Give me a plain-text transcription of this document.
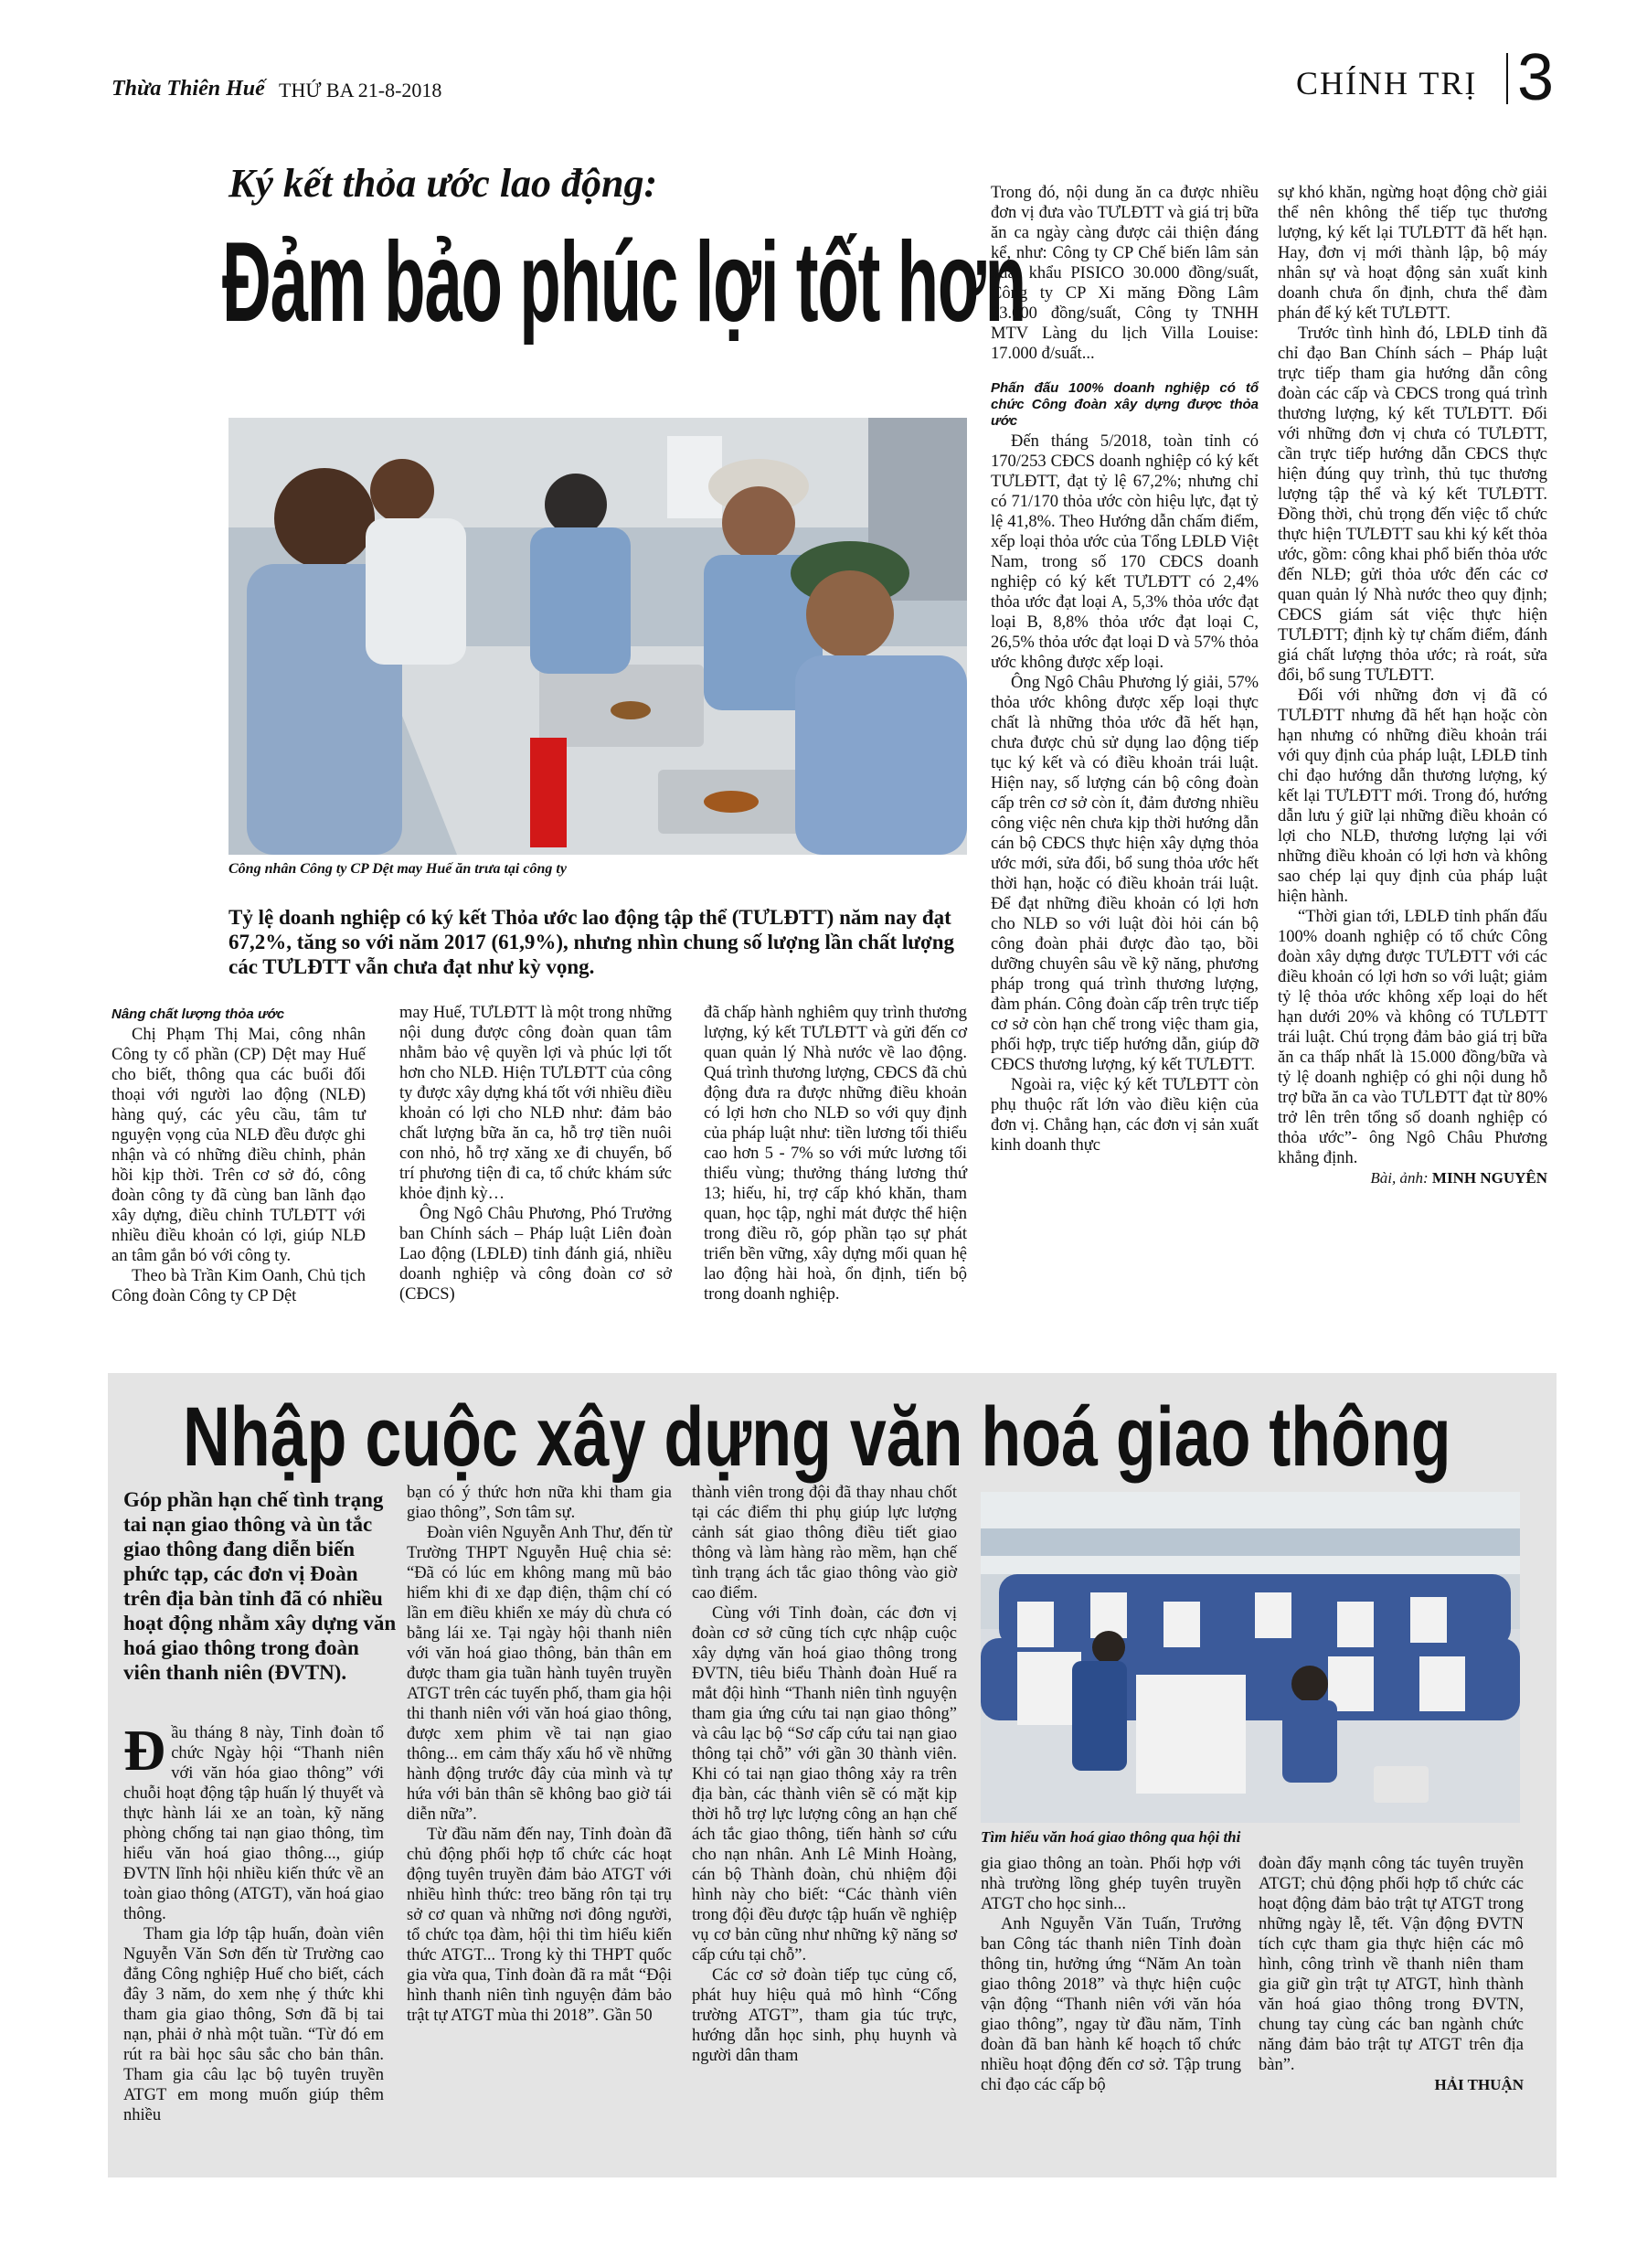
Thừa Thiên Huế THỨ BA 21-8-2018	CHÍNH TRỊ 3
Ký kết thỏa ước lao động:
Đảm bảo phúc lợi tốt hơn
Công nhân Công ty CP Dệt may Huế ăn trưa tại công ty
Tỷ lệ doanh nghiệp có ký kết Thỏa ước lao động tập thể (TƯLĐTT) năm nay đạt 67,2%, tăng so với năm 2017 (61,9%), nhưng nhìn chung số lượng lần chất lượng các TƯLĐTT vẫn chưa đạt như kỳ vọng.

Nâng chất lượng thỏa ước

Chị Phạm Thị Mai, công nhân Công ty cổ phần (CP) Dệt may Huế cho biết, thông qua các buổi đối thoại với người lao động (NLĐ) hàng quý, các yêu cầu, tâm tư nguyện vọng của NLĐ đều được ghi nhận và có những điều chỉnh, phản hồi kịp thời. Trên cơ sở đó, công đoàn công ty đã cùng ban lãnh đạo xây dựng, điều chỉnh TƯLĐTT với nhiều điều khoản có lợi, giúp NLĐ an tâm gắn bó với công ty.

Theo bà Trần Kim Oanh, Chủ tịch Công đoàn Công ty CP Dệt

may Huế, TƯLĐTT là một trong những nội dung được công đoàn quan tâm nhằm bảo vệ quyền lợi và phúc lợi tốt hơn cho NLĐ. Hiện TƯLĐTT của công ty được xây dựng khá tốt với nhiều điều khoản có lợi cho NLĐ như: đảm bảo chất lượng bữa ăn ca, hỗ trợ tiền nuôi con nhỏ, hỗ trợ xăng xe đi chuyển, bố trí phương tiện đi ca, tổ chức khám sức khỏe định kỳ…

Ông Ngô Châu Phương, Phó Trưởng ban Chính sách – Pháp luật Liên đoàn Lao động (LĐLĐ) tỉnh đánh giá, nhiều doanh nghiệp và công đoàn cơ sở (CĐCS)

đã chấp hành nghiêm quy trình thương lượng, ký kết TƯLĐTT và gửi đến cơ quan quản lý Nhà nước về lao động. Quá trình thương lượng, CĐCS đã chủ động đưa ra được những điều khoản có lợi hơn cho NLĐ so với quy định của pháp luật như: tiền lương tối thiểu cao hơn 5 - 7% so với mức lương tối thiểu vùng; thưởng tháng lương thứ 13; hiếu, hỉ, trợ cấp khó khăn, tham quan, học tập, nghỉ mát được thể hiện trong điều rõ, góp phần tạo sự phát triển bền vững, xây dựng mối quan hệ lao động hài hoà, ổn định, tiến bộ trong doanh nghiệp.

Trong đó, nội dung ăn ca được nhiều đơn vị đưa vào TƯLĐTT và giá trị bữa ăn ca ngày càng được cải thiện đáng kể, như: Công ty CP Chế biến lâm sản xuất khẩu PISICO 30.000 đồng/suất, Công ty CP Xi măng Đồng Lâm 23.000 đồng/suất, Công ty TNHH MTV Làng du lịch Villa Louise: 17.000 đ/suất...

Phấn đấu 100% doanh nghiệp có tổ chức Công đoàn xây dựng được thỏa ước

Đến tháng 5/2018, toàn tỉnh có 170/253 CĐCS doanh nghiệp có ký kết TƯLĐTT, đạt tỷ lệ 67,2%; nhưng chỉ có 71/170 thỏa ước còn hiệu lực, đạt tỷ lệ 41,8%. Theo Hướng dẫn chấm điểm, xếp loại thỏa ước của Tổng LĐLĐ Việt Nam, trong số 170 CĐCS doanh nghiệp có ký kết TƯLĐTT có 2,4% thỏa ước đạt loại A, 5,3% thỏa ước đạt loại B, 8,8% thỏa ước đạt loại C, 26,5% thỏa ước đạt loại D và 57% thỏa ước không được xếp loại.

Ông Ngô Châu Phương lý giải, 57% thỏa ước không được xếp loại thực chất là những thỏa ước đã hết hạn, chưa được chủ sử dụng lao động tiếp tục ký kết và có điều khoản trái luật. Hiện nay, số lượng cán bộ công đoàn cấp trên cơ sở còn ít, đảm đương nhiều công việc nên chưa kịp thời hướng dẫn cán bộ CĐCS thực hiện xây dựng thỏa ước mới, sửa đổi, bổ sung thỏa ước hết thời hạn, hoặc có điều khoản trái luật. Để đạt những điều khoản có lợi hơn cho NLĐ so với luật đòi hỏi cán bộ công đoàn phải được đào tạo, bồi dưỡng chuyên sâu về kỹ năng, phương pháp trong quá trình thương lượng, đàm phán. Công đoàn cấp trên trực tiếp cơ sở còn hạn chế trong việc tham gia, phối hợp, trực tiếp hướng dẫn, giúp đỡ CĐCS thương lượng, ký kết TƯLĐTT.

Ngoài ra, việc ký kết TƯLĐTT còn phụ thuộc rất lớn vào điều kiện của đơn vị. Chẳng hạn, các đơn vị sản xuất kinh doanh thực

sự khó khăn, ngừng hoạt động chờ giải thể nên không thể tiếp tục thương lượng, ký kết lại TƯLĐTT đã hết hạn. Hay, đơn vị mới thành lập, bộ máy nhân sự và hoạt động sản xuất kinh doanh chưa ổn định, chưa thể đàm phán để ký kết TƯLĐTT.

Trước tình hình đó, LĐLĐ tỉnh đã chỉ đạo Ban Chính sách – Pháp luật trực tiếp tham gia hướng dẫn công đoàn các cấp và CĐCS trong quá trình thương lượng, ký kết TƯLĐTT. Đối với những đơn vị chưa có TƯLĐTT, cần trực tiếp hướng dẫn CĐCS thực hiện đúng quy trình, thủ tục thương lượng tập thể và ký kết TƯLĐTT. Đồng thời, chủ trọng đến việc tổ chức thực hiện TƯLĐTT sau khi ký kết thỏa ước, gồm: công khai phổ biến thỏa ước đến NLĐ; gửi thỏa ước đến các cơ quan quản lý Nhà nước theo quy định; CĐCS giám sát việc thực hiện TƯLĐTT; định kỳ tự chấm điểm, đánh giá chất lượng thỏa ước; rà roát, sửa đổi, bổ sung TƯLĐTT.

Đối với những đơn vị đã có TƯLĐTT nhưng đã hết hạn hoặc còn hạn nhưng có những điều khoản trái với quy định của pháp luật, LĐLĐ tỉnh chỉ đạo hướng dẫn thương lượng, ký kết lại TƯLĐTT mới. Trong đó, hướng dẫn lưu ý giữ lại những điều khoản có lợi cho NLĐ, thương lượng lại với những điều khoản có lợi hơn và không sao chép lại quy định của pháp luật hiện hành.

“Thời gian tới, LĐLĐ tỉnh phấn đấu 100% doanh nghiệp có tổ chức Công đoàn xây dựng được TƯLĐTT với các điều khoản có lợi hơn so với luật; giảm tỷ lệ thỏa ước không xếp loại do hết hạn dưới 20% và không có TƯLĐTT trái luật. Chú trọng đảm bảo giá trị bữa ăn ca thấp nhất là 15.000 đồng/bữa và tỷ lệ doanh nghiệp có ghi nội dung hỗ trợ bữa ăn ca vào TƯLĐTT đạt từ 80% trở lên trên tổng số doanh nghiệp có thỏa ước”- ông Ngô Châu Phương khẳng định.

Bài, ảnh: MINH NGUYÊN
Nhập cuộc xây dựng văn hoá giao thông
Góp phần hạn chế tình trạng tai nạn giao thông và ùn tắc giao thông đang diễn biến phức tạp, các đơn vị Đoàn trên địa bàn tỉnh đã có nhiều hoạt động nhằm xây dựng văn hoá giao thông trong đoàn viên thanh niên (ĐVTN).

Đ ầu tháng 8 này, Tỉnh đoàn tổ chức Ngày hội “Thanh niên với văn hóa giao thông” với chuỗi hoạt động tập huấn lý thuyết và thực hành lái xe an toàn, kỹ năng phòng chống tai nạn giao thông, tìm hiểu văn hoá giao thông..., giúp ĐVTN lĩnh hội nhiều kiến thức về an toàn giao thông (ATGT), văn hoá giao thông.

Tham gia lớp tập huấn, đoàn viên Nguyễn Văn Sơn đến từ Trường cao đẳng Công nghiệp Huế cho biết, cách đây 3 năm, do xem nhẹ ý thức khi tham gia giao thông, Sơn đã bị tai nạn, phải ở nhà một tuần. “Từ đó em rút ra bài học sâu sắc cho bản thân. Tham gia câu lạc bộ tuyên truyền ATGT em mong muốn giúp thêm nhiều

bạn có ý thức hơn nữa khi tham gia giao thông”, Sơn tâm sự.

Đoàn viên Nguyễn Anh Thư, đến từ Trường THPT Nguyễn Huệ chia sẻ: “Đã có lúc em không mang mũ bảo hiểm khi đi xe đạp điện, thậm chí có lần em điều khiển xe máy dù chưa có bằng lái xe. Tại ngày hội thanh niên với văn hoá giao thông, bản thân em được tham gia tuần hành tuyên truyền ATGT trên các tuyến phố, tham gia hội thi thanh niên với văn hoá giao thông, được xem phim về tai nạn giao thông... em cảm thấy xấu hổ về những hành động trước đây của mình và tự hứa với bản thân sẽ không bao giờ tái diễn nữa”.

Từ đầu năm đến nay, Tỉnh đoàn đã chủ động phối hợp tổ chức các hoạt động tuyên truyền đảm bảo ATGT với nhiều hình thức: treo băng rôn tại trụ sở cơ quan và những nơi đông người, tổ chức tọa đàm, hội thi tìm hiểu kiến thức ATGT... Trong kỳ thi THPT quốc gia vừa qua, Tỉnh đoàn đã ra mắt “Đội hình thanh niên tình nguyện đảm bảo trật tự ATGT mùa thi 2018”. Gần 50

thành viên trong đội đã thay nhau chốt tại các điểm thi phụ giúp lực lượng cảnh sát giao thông điều tiết giao thông và làm hàng rào mềm, hạn chế tình trạng ách tắc giao thông vào giờ cao điểm.

Cùng với Tỉnh đoàn, các đơn vị đoàn cơ sở cũng tích cực nhập cuộc xây dựng văn hoá giao thông trong ĐVTN, tiêu biểu Thành đoàn Huế ra mắt đội hình “Thanh niên tình nguyện tham gia ứng cứu tai nạn giao thông” và câu lạc bộ “Sơ cấp cứu tai nạn giao thông tại chỗ” với gần 30 thành viên. Khi có tai nạn giao thông xảy ra trên địa bàn, các thành viên sẽ có mặt kịp thời hỗ trợ lực lượng công an hạn chế ách tắc giao thông, tiến hành sơ cứu cho nạn nhân. Anh Lê Minh Hoàng, cán bộ Thành đoàn, chủ nhiệm đội hình này cho biết: “Các thành viên trong đội đều được tập huấn về nghiệp vụ cơ bản cũng như những kỹ năng sơ cấp cứu tại chỗ”.

Các cơ sở đoàn tiếp tục củng cố, phát huy hiệu quả mô hình “Cổng trường ATGT”, tham gia túc trực, hướng dẫn học sinh, phụ huynh và người dân tham

Tìm hiểu văn hoá giao thông qua hội thi

gia giao thông an toàn. Phối hợp với nhà trường lồng ghép tuyên truyền ATGT cho học sinh...

Anh Nguyễn Văn Tuấn, Trưởng ban Công tác thanh niên Tỉnh đoàn thông tin, hưởng ứng “Năm An toàn giao thông 2018” và thực hiện cuộc vận động “Thanh niên với văn hóa giao thông”, ngay từ đầu năm, Tỉnh đoàn đã ban hành kế hoạch tổ chức nhiều hoạt động đến cơ sở. Tập trung chỉ đạo các cấp bộ

đoàn đẩy mạnh công tác tuyên truyền ATGT; chủ động phối hợp tổ chức các hoạt động đảm bảo trật tự ATGT trong những ngày lễ, tết. Vận động ĐVTN tích cực tham gia thực hiện các mô hình, công trình về thanh niên tham gia giữ gìn trật tự ATGT, hình thành văn hoá giao thông trong ĐVTN, chung tay cùng các ban ngành chức năng đảm bảo trật tự ATGT trên địa bàn”.

HẢI THUẬN
